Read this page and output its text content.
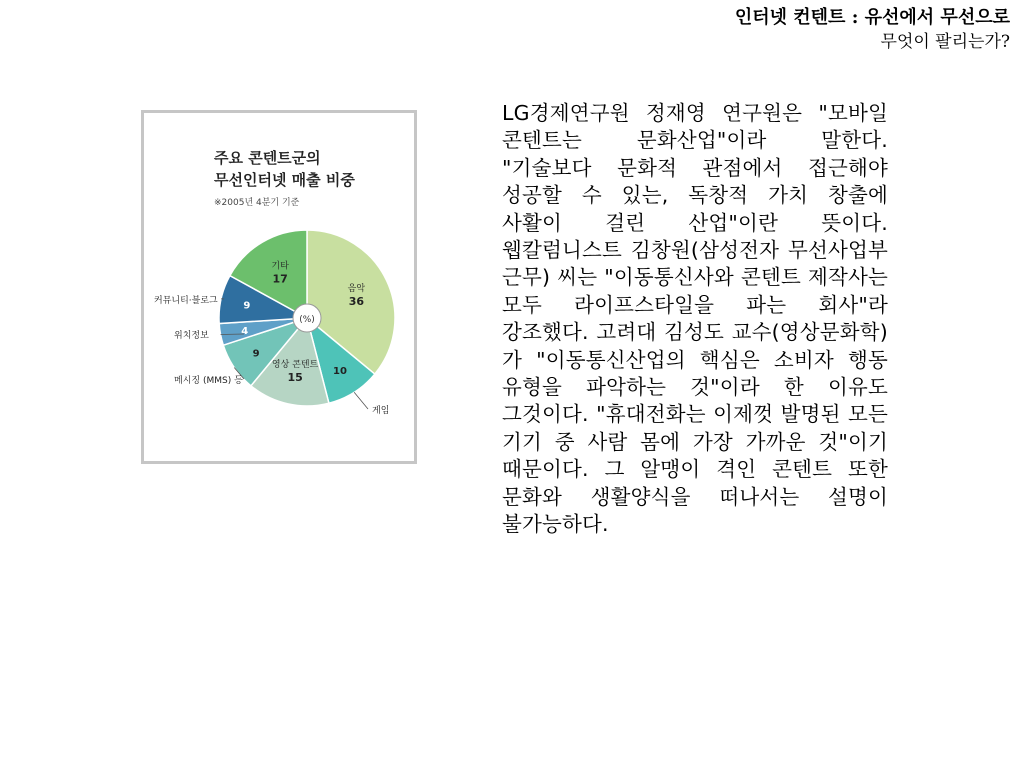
인터넷 컨텐트 : 유선에서 무선으로
무엇이 팔리는가?
주요 콘텐트군의
무선인터넷 매출 비중
※2005년 4분기 기준
음악
36
10
게임
영상 콘텐트
15
9
메시징 (MMS) 등
4
위치정보
9
커뮤니티·블로그
기타
17
(%)
LG경제연구원 정재영 연구원은 "모바일 콘텐트는 문화산업"이라 말한다. "기술보다 문화적 관점에서 접근해야 성공할 수 있는, 독창적 가치 창출에 사활이 걸린 산업"이란 뜻이다. 웹칼럼니스트 김창원(삼성전자 무선사업부 근무) 씨는 "이동통신사와 콘텐트 제작사는 모두 라이프스타일을 파는 회사"라 강조했다. 고려대 김성도 교수(영상문화학)가 "이동통신산업의 핵심은 소비자 행동 유형을 파악하는 것"이라 한 이유도 그것이다. "휴대전화는 이제껏 발명된 모든 기기 중 사람 몸에 가장 가까운 것"이기 때문이다. 그 알맹이 격인 콘텐트 또한 문화와 생활양식을 떠나서는 설명이 불가능하다.
